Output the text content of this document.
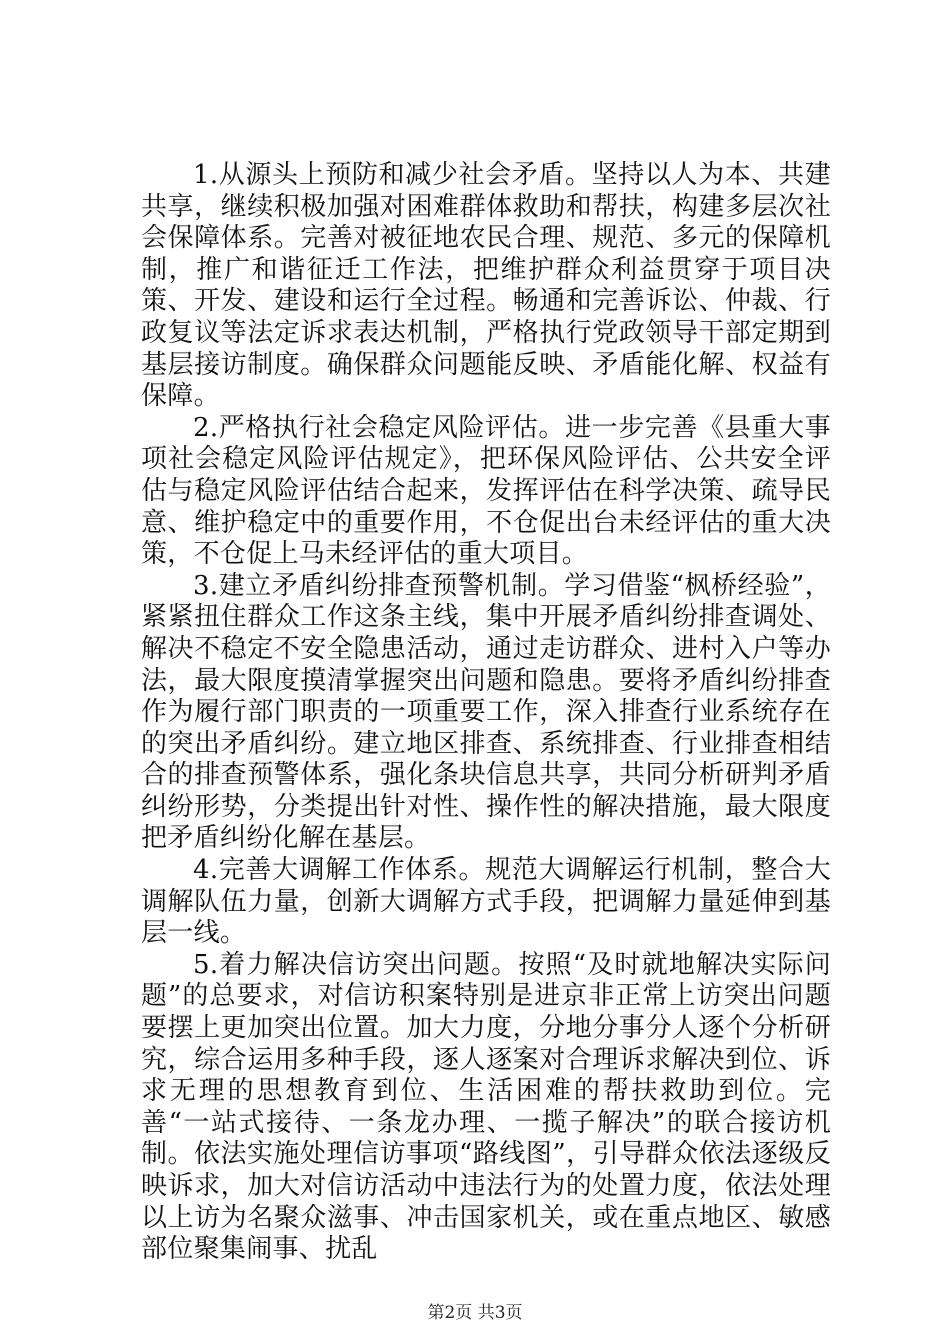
1.从源头上预防和减少社会矛盾。坚持以人为本、共建共享，继续积极加强对困难群体救助和帮扶，构建多层次社会保障体系。完善对被征地农民合理、规范、多元的保障机制，推广和谐征迁工作法，把维护群众利益贯穿于项目决策、开发、建设和运行全过程。畅通和完善诉讼、仲裁、行政复议等法定诉求表达机制，严格执行党政领导干部定期到基层接访制度。确保群众问题能反映、矛盾能化解、权益有保障。

2.严格执行社会稳定风险评估。进一步完善《县重大事项社会稳定风险评估规定》，把环保风险评估、公共安全评估与稳定风险评估结合起来，发挥评估在科学决策、疏导民意、维护稳定中的重要作用，不仓促出台未经评估的重大决策，不仓促上马未经评估的重大项目。

3.建立矛盾纠纷排查预警机制。学习借鉴“枫桥经验”，紧紧扭住群众工作这条主线，集中开展矛盾纠纷排查调处、解决不稳定不安全隐患活动，通过走访群众、进村入户等办法，最大限度摸清掌握突出问题和隐患。要将矛盾纠纷排查作为履行部门职责的一项重要工作，深入排查行业系统存在的突出矛盾纠纷。建立地区排查、系统排查、行业排查相结合的排查预警体系，强化条块信息共享，共同分析研判矛盾纠纷形势，分类提出针对性、操作性的解决措施，最大限度把矛盾纠纷化解在基层。

4.完善大调解工作体系。规范大调解运行机制，整合大调解队伍力量，创新大调解方式手段，把调解力量延伸到基层一线。

5.着力解决信访突出问题。按照“及时就地解决实际问题”的总要求，对信访积案特别是进京非正常上访突出问题要摆上更加突出位置。加大力度，分地分事分人逐个分析研究，综合运用多种手段，逐人逐案对合理诉求解决到位、诉求无理的思想教育到位、生活困难的帮扶救助到位。完善“一站式接待、一条龙办理、一揽子解决”的联合接访机制。依法实施处理信访事项“路线图”，引导群众依法逐级反映诉求，加大对信访活动中违法行为的处置力度，依法处理以上访为名聚众滋事、冲击国家机关，或在重点地区、敏感部位聚集闹事、扰乱

第2页 共3页
